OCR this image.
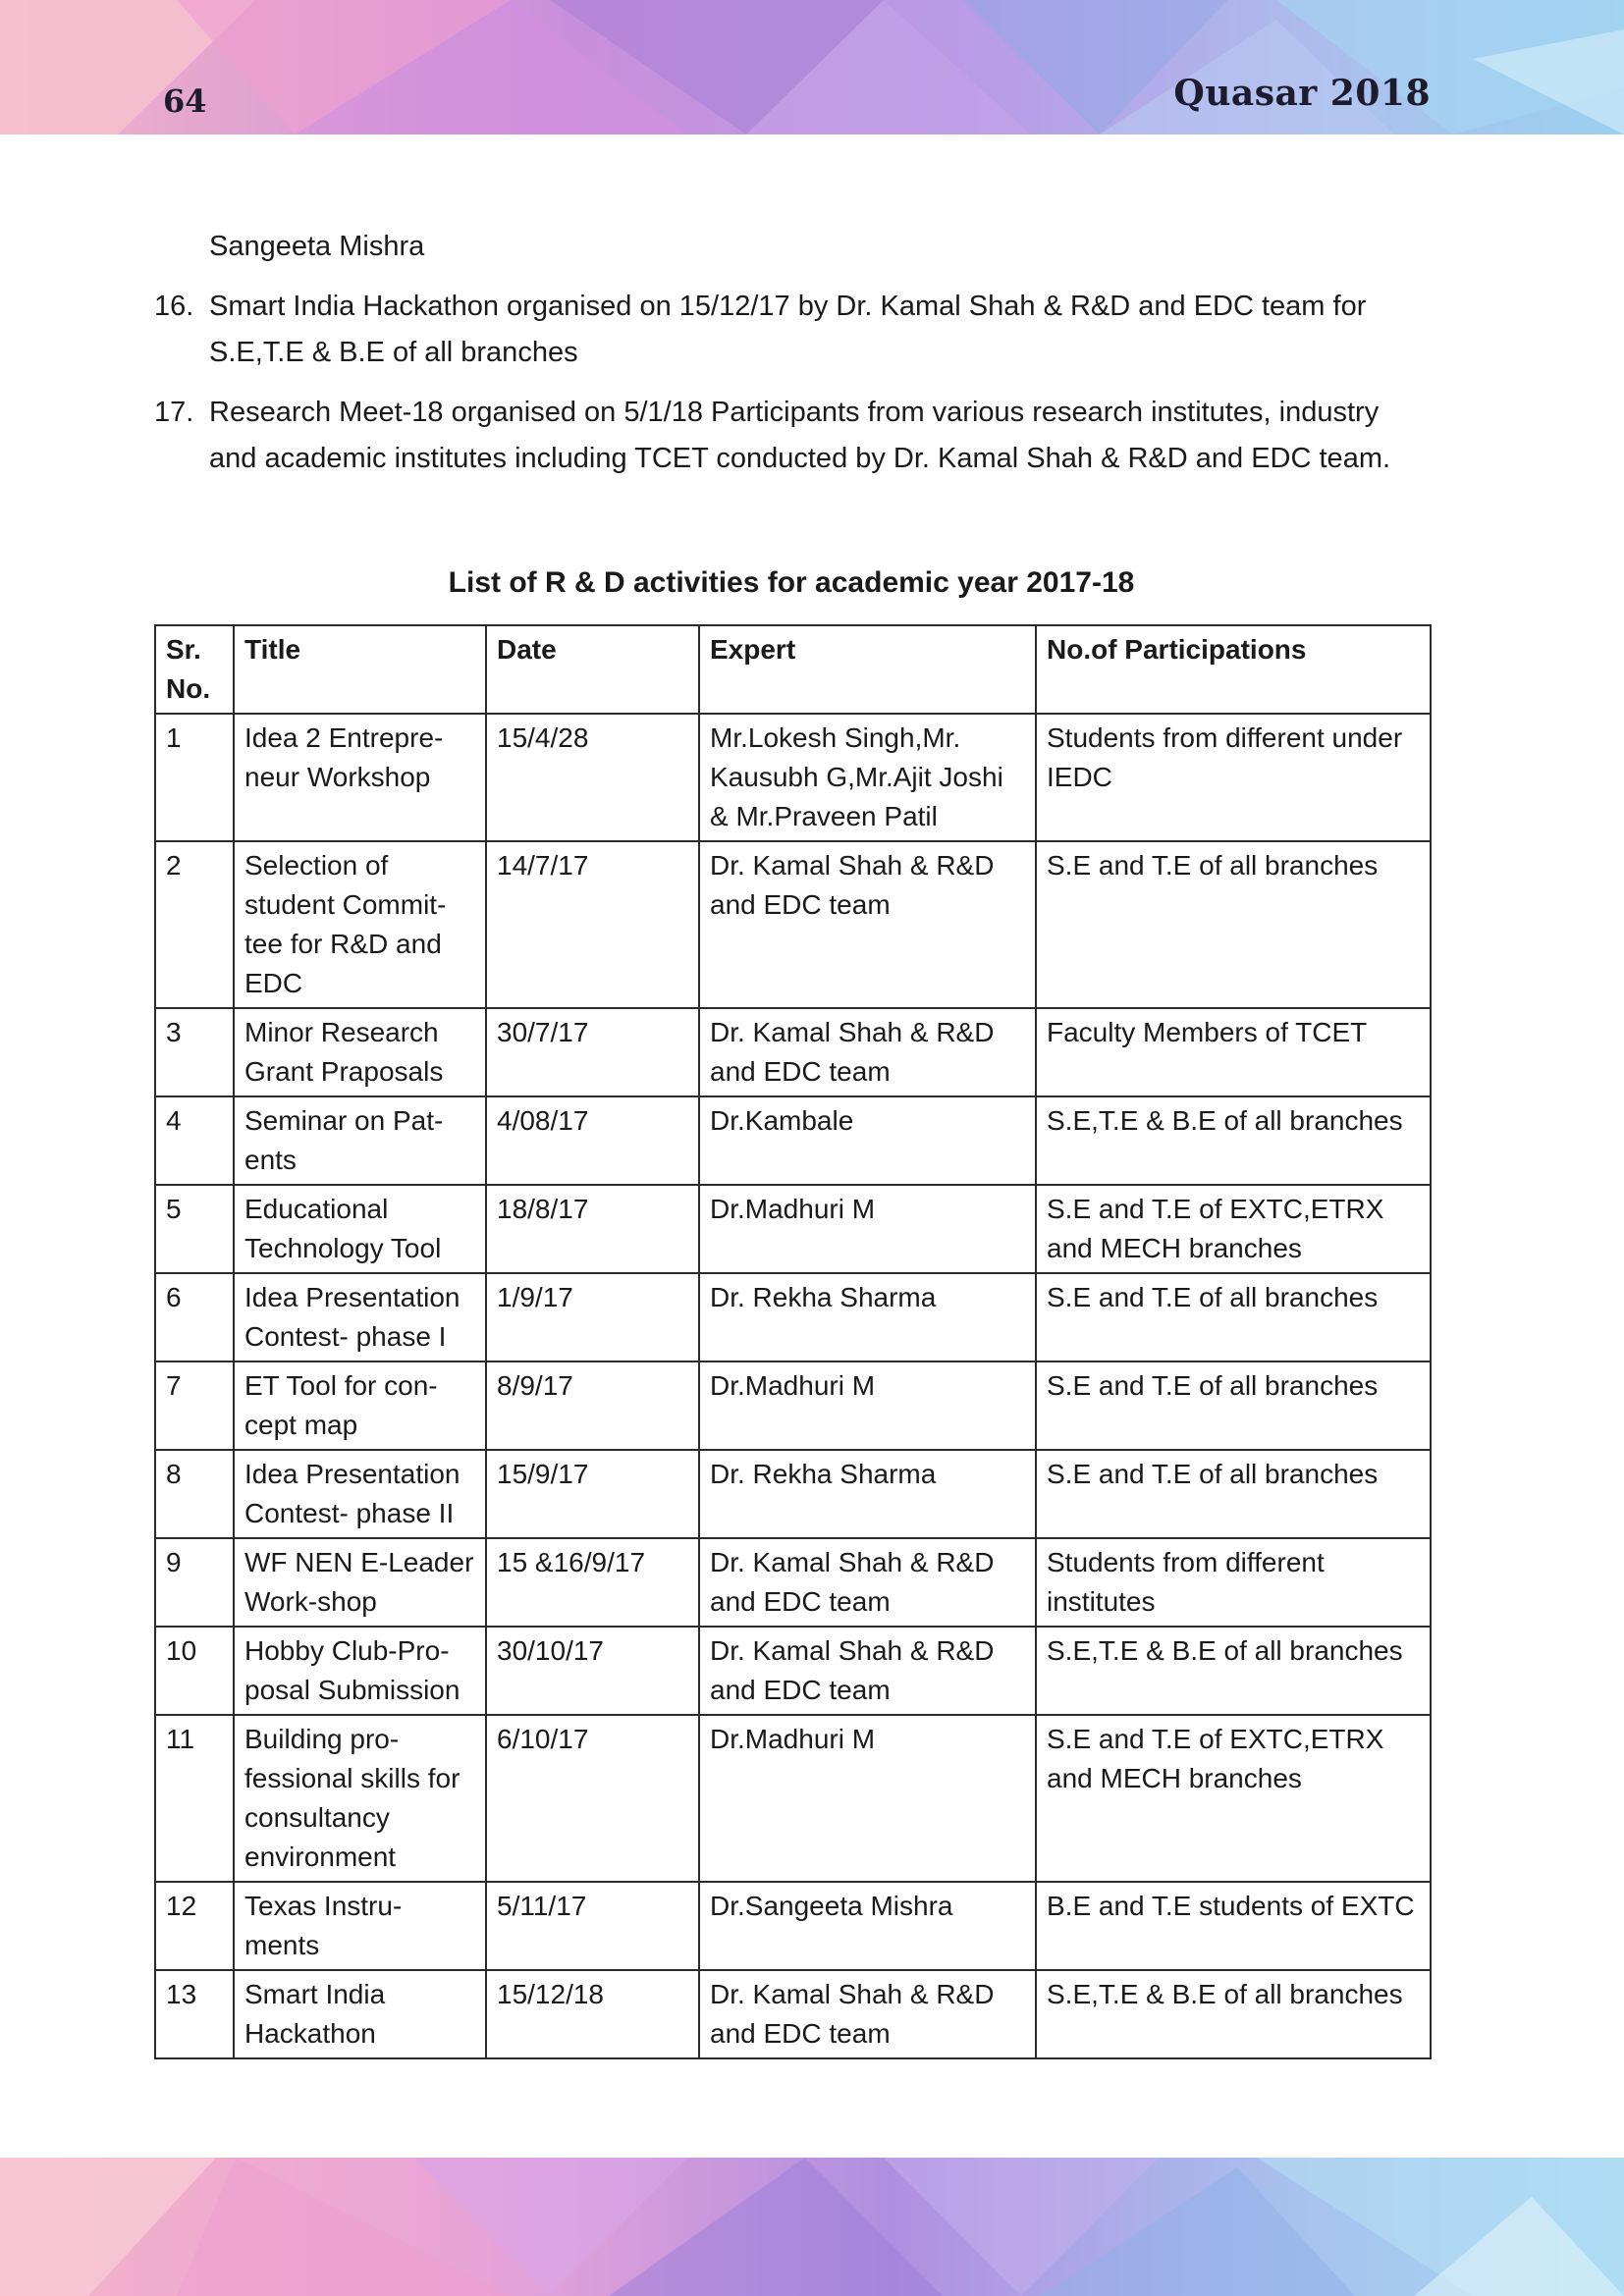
64	Quasar 2018
Sangeeta Mishra
16. Smart India Hackathon organised on 15/12/17 by Dr. Kamal Shah & R&D and EDC team for S.E,T.E & B.E of all branches
17. Research Meet-18 organised on 5/1/18 Participants from various research institutes, industry and academic institutes including TCET conducted by Dr. Kamal Shah & R&D and EDC team.
List of R & D activities for academic year 2017-18
Sr. No.	Title	Date	Expert	No.of Participations
1	Idea 2 Entrepre-neur Workshop	15/4/28	Mr.Lokesh Singh,Mr. Kausubh G,Mr.Ajit Joshi & Mr.Praveen Patil	Students from different under IEDC
2	Selection of student Commit-tee for R&D and EDC	14/7/17	Dr. Kamal Shah & R&D and EDC team	S.E and T.E of all branches
3	Minor Research Grant Praposals	30/7/17	Dr. Kamal Shah & R&D and EDC team	Faculty Members of TCET
4	Seminar on Pat-ents	4/08/17	Dr.Kambale	S.E,T.E & B.E of all branches
5	Educational Technology Tool	18/8/17	Dr.Madhuri M	S.E and T.E of EXTC,ETRX and MECH branches
6	Idea Presentation Contest- phase I	1/9/17	Dr. Rekha Sharma	S.E and T.E of all branches
7	ET Tool for con-cept map	8/9/17	Dr.Madhuri M	S.E and T.E of all branches
8	Idea Presentation Contest- phase II	15/9/17	Dr. Rekha Sharma	S.E and T.E of all branches
9	WF NEN E-Leader Work-shop	15 &16/9/17	Dr. Kamal Shah & R&D and EDC team	Students from different institutes
10	Hobby Club-Pro-posal Submission	30/10/17	Dr. Kamal Shah & R&D and EDC team	S.E,T.E & B.E of all branches
11	Building pro-fessional skills for consultancy environment	6/10/17	Dr.Madhuri M	S.E and T.E of EXTC,ETRX and MECH branches
12	Texas Instru-ments	5/11/17	Dr.Sangeeta Mishra	B.E and T.E students of EXTC
13	Smart India Hackathon	15/12/18	Dr. Kamal Shah & R&D and EDC team	S.E,T.E & B.E of all branches
